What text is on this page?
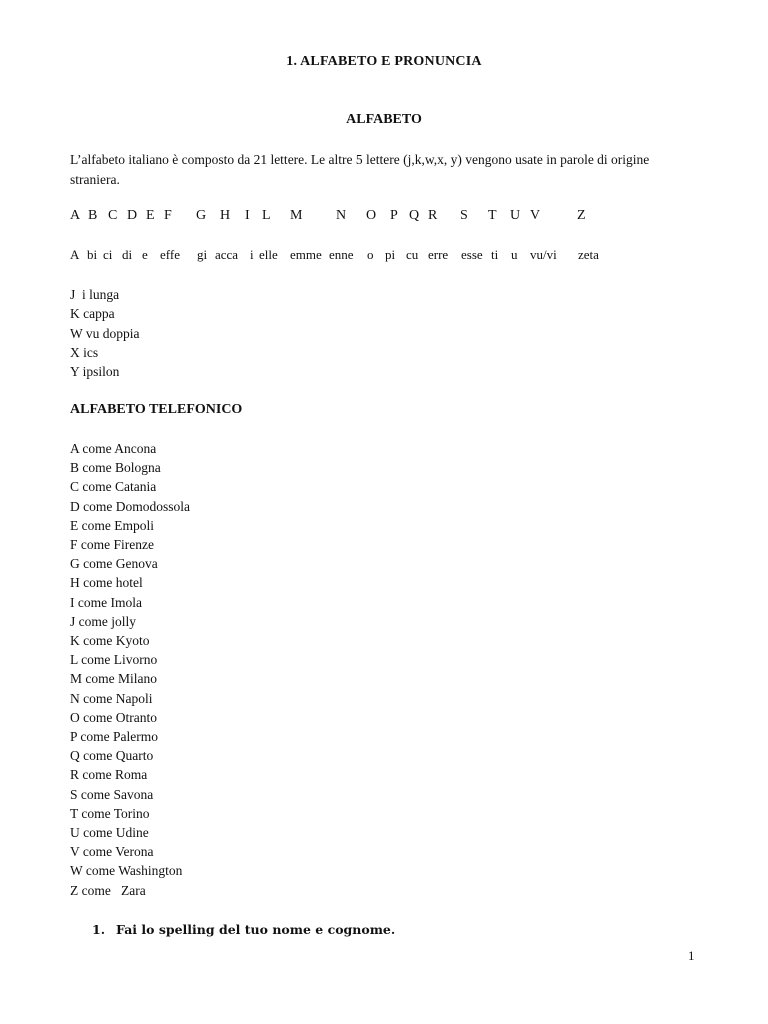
1. ALFABETO E PRONUNCIA
ALFABETO
L’alfabeto italiano è composto da 21 lettere. Le altre 5 lettere (j,k,w,x, y) vengono usate in parole di origine straniera.
A B C D E F G H I L M N O P Q R S T U V	Z
A bi ci di e effe gi acca i elle emme enne o pi cu erre esse ti u vu/vi zeta
J  i lunga
K cappa
W vu doppia
X ics
Y ipsilon
ALFABETO TELEFONICO
A come Ancona
B come Bologna
C come Catania
D come Domodossola
E come Empoli
F come Firenze
G come Genova
H come hotel
I come Imola
J come jolly
K come Kyoto
L come Livorno
M come Milano
N come Napoli
O come Otranto
P come Palermo
Q come Quarto
R come Roma
S come Savona
T come Torino
U come Udine
V come Verona
W come Washington
Z come   Zara
1. Fai lo spelling del tuo nome e cognome.
1
